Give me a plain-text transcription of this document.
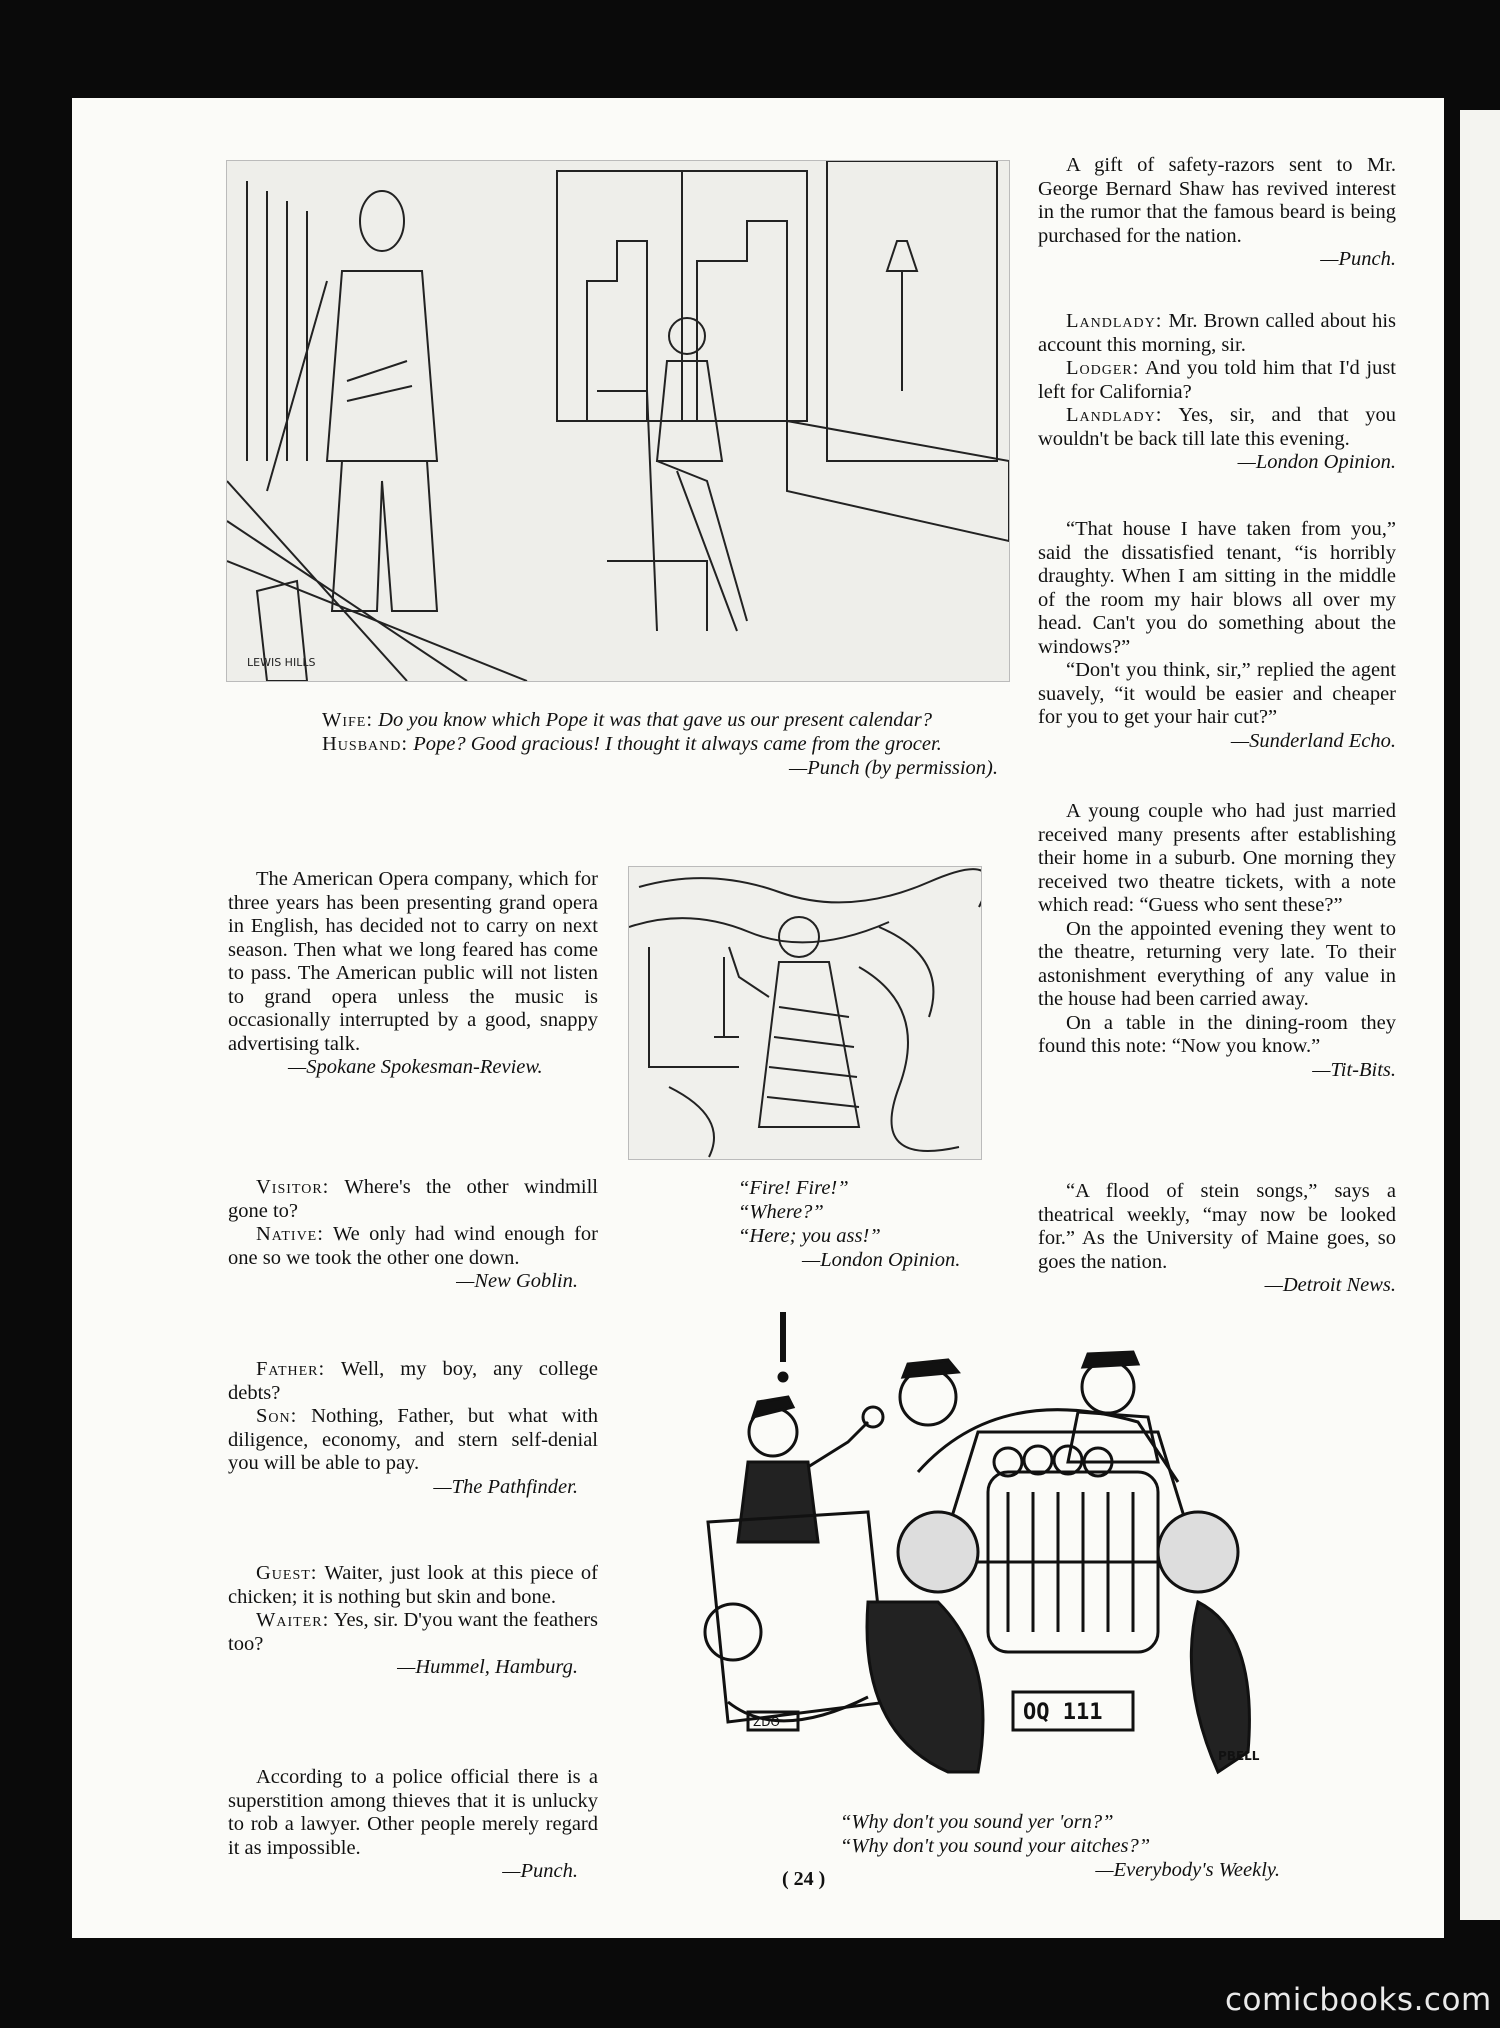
LEWIS HILLS
Wife: Do you know which Pope it was that gave us our present calendar?
Husband: Pope? Good gracious! I thought it always came from the grocer.
—Punch (by permission).

A gift of safety-razors sent to Mr. George Bernard Shaw has revived interest in the rumor that the famous beard is being purchased for the nation.

—Punch.

Landlady: Mr. Brown called about his account this morning, sir.

Lodger: And you told him that I'd just left for California?

Landlady: Yes, sir, and that you wouldn't be back till late this evening.

—London Opinion.

“That house I have taken from you,” said the dissatisfied tenant, “is horribly draughty. When I am sitting in the middle of the room my hair blows all over my head. Can't you do something about the windows?”

“Don't you think, sir,” replied the agent suavely, “it would be easier and cheaper for you to get your hair cut?”

—Sunderland Echo.

A young couple who had just married received many presents after establishing their home in a suburb. One morning they received two theatre tickets, with a note which read: “Guess who sent these?”

On the appointed evening they went to the theatre, returning very late. To their astonishment everything of any value in the house had been carried away.

On a table in the dining-room they found this note: “Now you know.”

—Tit-Bits.

“A flood of stein songs,” says a theatrical weekly, “may now be looked for.” As the University of Maine goes, so goes the nation.

—Detroit News.

The American Opera company, which for three years has been presenting grand opera in English, has decided not to carry on next season. Then what we long feared has come to pass. The American public will not listen to grand opera unless the music is occasionally interrupted by a good, snappy advertising talk.

—Spokane Spokesman-Review.

“Fire! Fire!”
“Where?”
“Here; you ass!”
—London Opinion.

Visitor: Where's the other windmill gone to?

Native: We only had wind enough for one so we took the other one down.

—New Goblin.

Father: Well, my boy, any college debts?

Son: Nothing, Father, but what with diligence, economy, and stern self-denial you will be able to pay.

—The Pathfinder.

Guest: Waiter, just look at this piece of chicken; it is nothing but skin and bone.

Waiter: Yes, sir. D'you want the feathers too?

—Hummel, Hamburg.

According to a police official there is a superstition among thieves that it is unlucky to rob a lawyer. Other people merely regard it as impossible.

—Punch.

OQ 111
ZDO
PBELL
“Why don't you sound yer 'orn?”
“Why don't you sound your aitches?”
—Everybody's Weekly.
( 24 )
comicbooks.com
